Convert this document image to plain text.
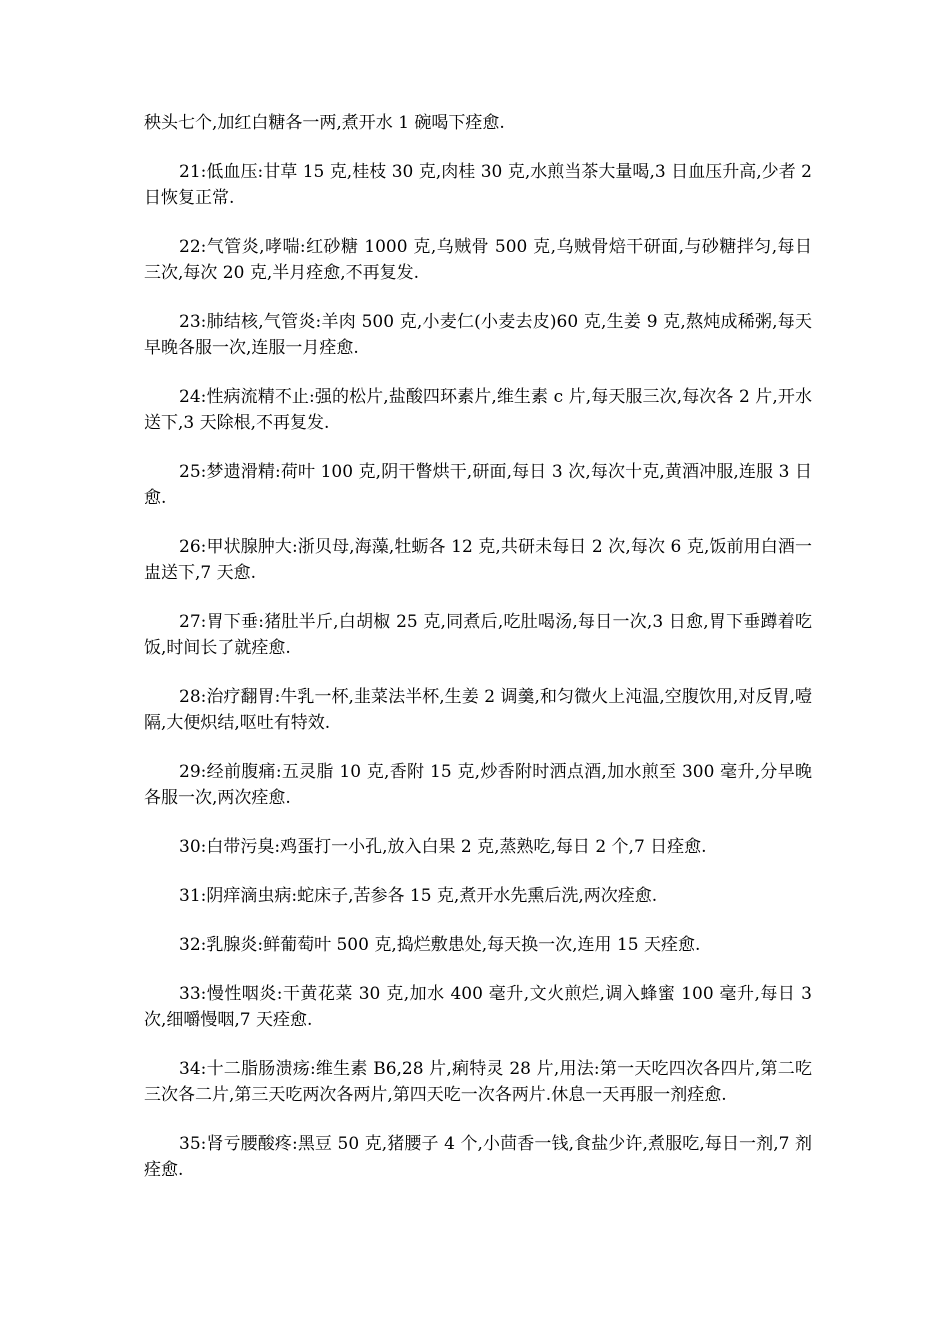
秧头七个,加红白糖各一两,煮开水 1 碗喝下痊愈.

21:低血压:甘草 15 克,桂枝 30 克,肉桂 30 克,水煎当茶大量喝,3 日血压升高,少者 2 日恢复正常.

22:气管炎,哮喘:红砂糖 1000 克,乌贼骨 500 克,乌贼骨焙干研面,与砂糖拌匀,每日三次,每次 20 克,半月痊愈,不再复发.

23:肺结核,气管炎:羊肉 500 克,小麦仁(小麦去皮)60 克,生姜 9 克,熬炖成稀粥,每天早晚各服一次,连服一月痊愈.

24:性病流精不止:强的松片,盐酸四环素片,维生素 c 片,每天服三次,每次各 2 片,开水送下,3 天除根,不再复发.

25:梦遗滑精:荷叶 100 克,阴干瞥烘干,研面,每日 3 次,每次十克,黄酒冲服,连服 3 日愈.

26:甲状腺肿大:浙贝母,海藻,牡蛎各 12 克,共研未每日 2 次,每次 6 克,饭前用白酒一盅送下,7 天愈.

27:胃下垂:猪肚半斤,白胡椒 25 克,同煮后,吃肚喝汤,每日一次,3 日愈,胃下垂蹲着吃饭,时间长了就痊愈.

28:治疗翻胃:牛乳一杯,韭菜法半杯,生姜 2 调羹,和匀微火上沌温,空腹饮用,对反胃,噎隔,大便炽结,呕吐有特效.

29:经前腹痛:五灵脂 10 克,香附 15 克,炒香附时洒点酒,加水煎至 300 毫升,分早晚各服一次,两次痊愈.

30:白带污臭:鸡蛋打一小孔,放入白果 2 克,蒸熟吃,每日 2 个,7 日痊愈.

31:阴痒滴虫病:蛇床子,苦参各 15 克,煮开水先熏后洗,两次痊愈.

32:乳腺炎:鲜葡萄叶 500 克,捣烂敷患处,每天换一次,连用 15 天痊愈.

33:慢性咽炎:干黄花菜 30 克,加水 400 毫升,文火煎烂,调入蜂蜜 100 毫升,每日 3 次,细嚼慢咽,7 天痊愈.

34:十二脂肠溃疡:维生素 B6,28 片,痢特灵 28 片,用法:第一天吃四次各四片,第二吃三次各二片,第三天吃两次各两片,第四天吃一次各两片.休息一天再服一剂痊愈.

35:肾亏腰酸疼:黑豆 50 克,猪腰子 4 个,小茴香一钱,食盐少许,煮服吃,每日一剂,7 剂痊愈.
